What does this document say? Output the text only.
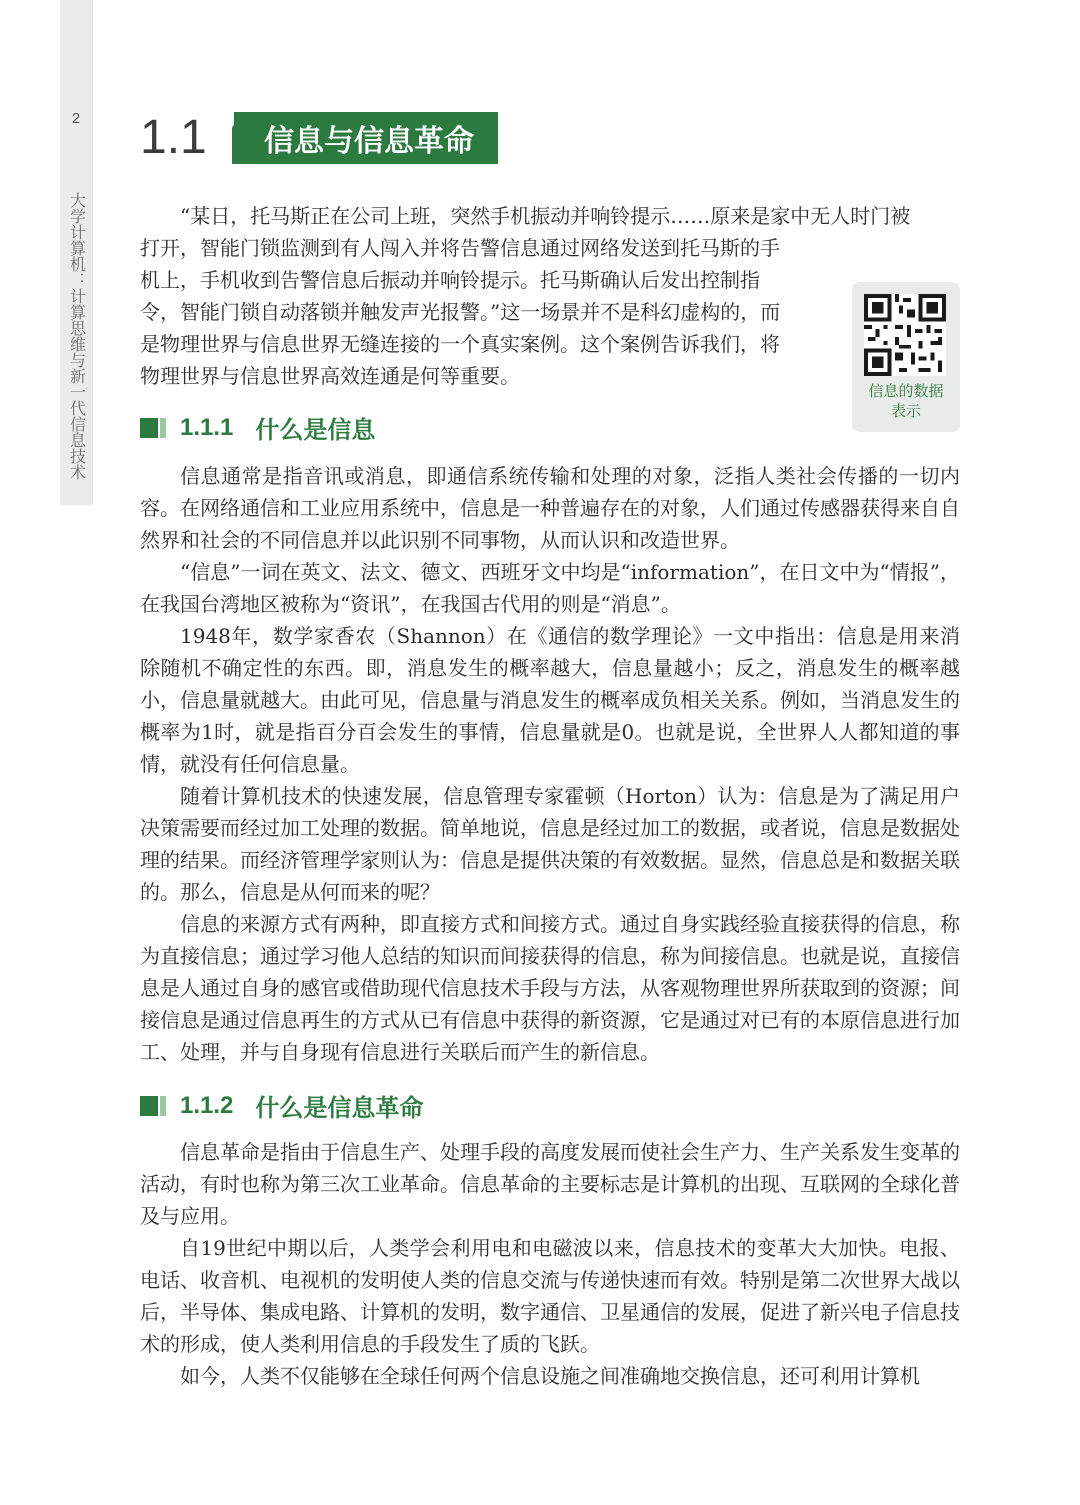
2
大学计算机：计算思维与新一代信息技术
1.1	信息与信息革命
“某日，托马斯正在公司上班，突然手机振动并响铃提示……原来是家中无人时门被
打开，智能门锁监测到有人闯入并将告警信息通过网络发送到托马斯的手
机上，手机收到告警信息后振动并响铃提示。托马斯确认后发出控制指
令，智能门锁自动落锁并触发声光报警。”这一场景并不是科幻虚构的，而
是物理世界与信息世界无缝连接的一个真实案例。这个案例告诉我们，将
物理世界与信息世界高效连通是何等重要。
信息的数据
表示
1.1.1 什么是信息

信息通常是指音讯或消息，即通信系统传输和处理的对象，泛指人类社会传播的一切内容。在网络通信和工业应用系统中，信息是一种普遍存在的对象，人们通过传感器获得来自自然界和社会的不同信息并以此识别不同事物，从而认识和改造世界。

“信息”一词在英文、法文、德文、西班牙文中均是“information”，在日文中为“情报”，在我国台湾地区被称为“资讯”，在我国古代用的则是“消息”。

1948年，数学家香农（Shannon）在《通信的数学理论》一文中指出：信息是用来消除随机不确定性的东西。即，消息发生的概率越大，信息量越小；反之，消息发生的概率越小，信息量就越大。由此可见，信息量与消息发生的概率成负相关关系。例如，当消息发生的概率为1时，就是指百分百会发生的事情，信息量就是0。也就是说，全世界人人都知道的事情，就没有任何信息量。

随着计算机技术的快速发展，信息管理专家霍顿（Horton）认为：信息是为了满足用户决策需要而经过加工处理的数据。简单地说，信息是经过加工的数据，或者说，信息是数据处理的结果。而经济管理学家则认为：信息是提供决策的有效数据。显然，信息总是和数据关联的。那么，信息是从何而来的呢？

信息的来源方式有两种，即直接方式和间接方式。通过自身实践经验直接获得的信息，称为直接信息；通过学习他人总结的知识而间接获得的信息，称为间接信息。也就是说，直接信息是人通过自身的感官或借助现代信息技术手段与方法，从客观物理世界所获取到的资源；间接信息是通过信息再生的方式从已有信息中获得的新资源，它是通过对已有的本原信息进行加工、处理，并与自身现有信息进行关联后而产生的新信息。

1.1.2 什么是信息革命

信息革命是指由于信息生产、处理手段的高度发展而使社会生产力、生产关系发生变革的活动，有时也称为第三次工业革命。信息革命的主要标志是计算机的出现、互联网的全球化普及与应用。

自19世纪中期以后，人类学会利用电和电磁波以来，信息技术的变革大大加快。电报、电话、收音机、电视机的发明使人类的信息交流与传递快速而有效。特别是第二次世界大战以后，半导体、集成电路、计算机的发明，数字通信、卫星通信的发展，促进了新兴电子信息技术的形成，使人类利用信息的手段发生了质的飞跃。

如今，人类不仅能够在全球任何两个信息设施之间准确地交换信息，还可利用计算机
